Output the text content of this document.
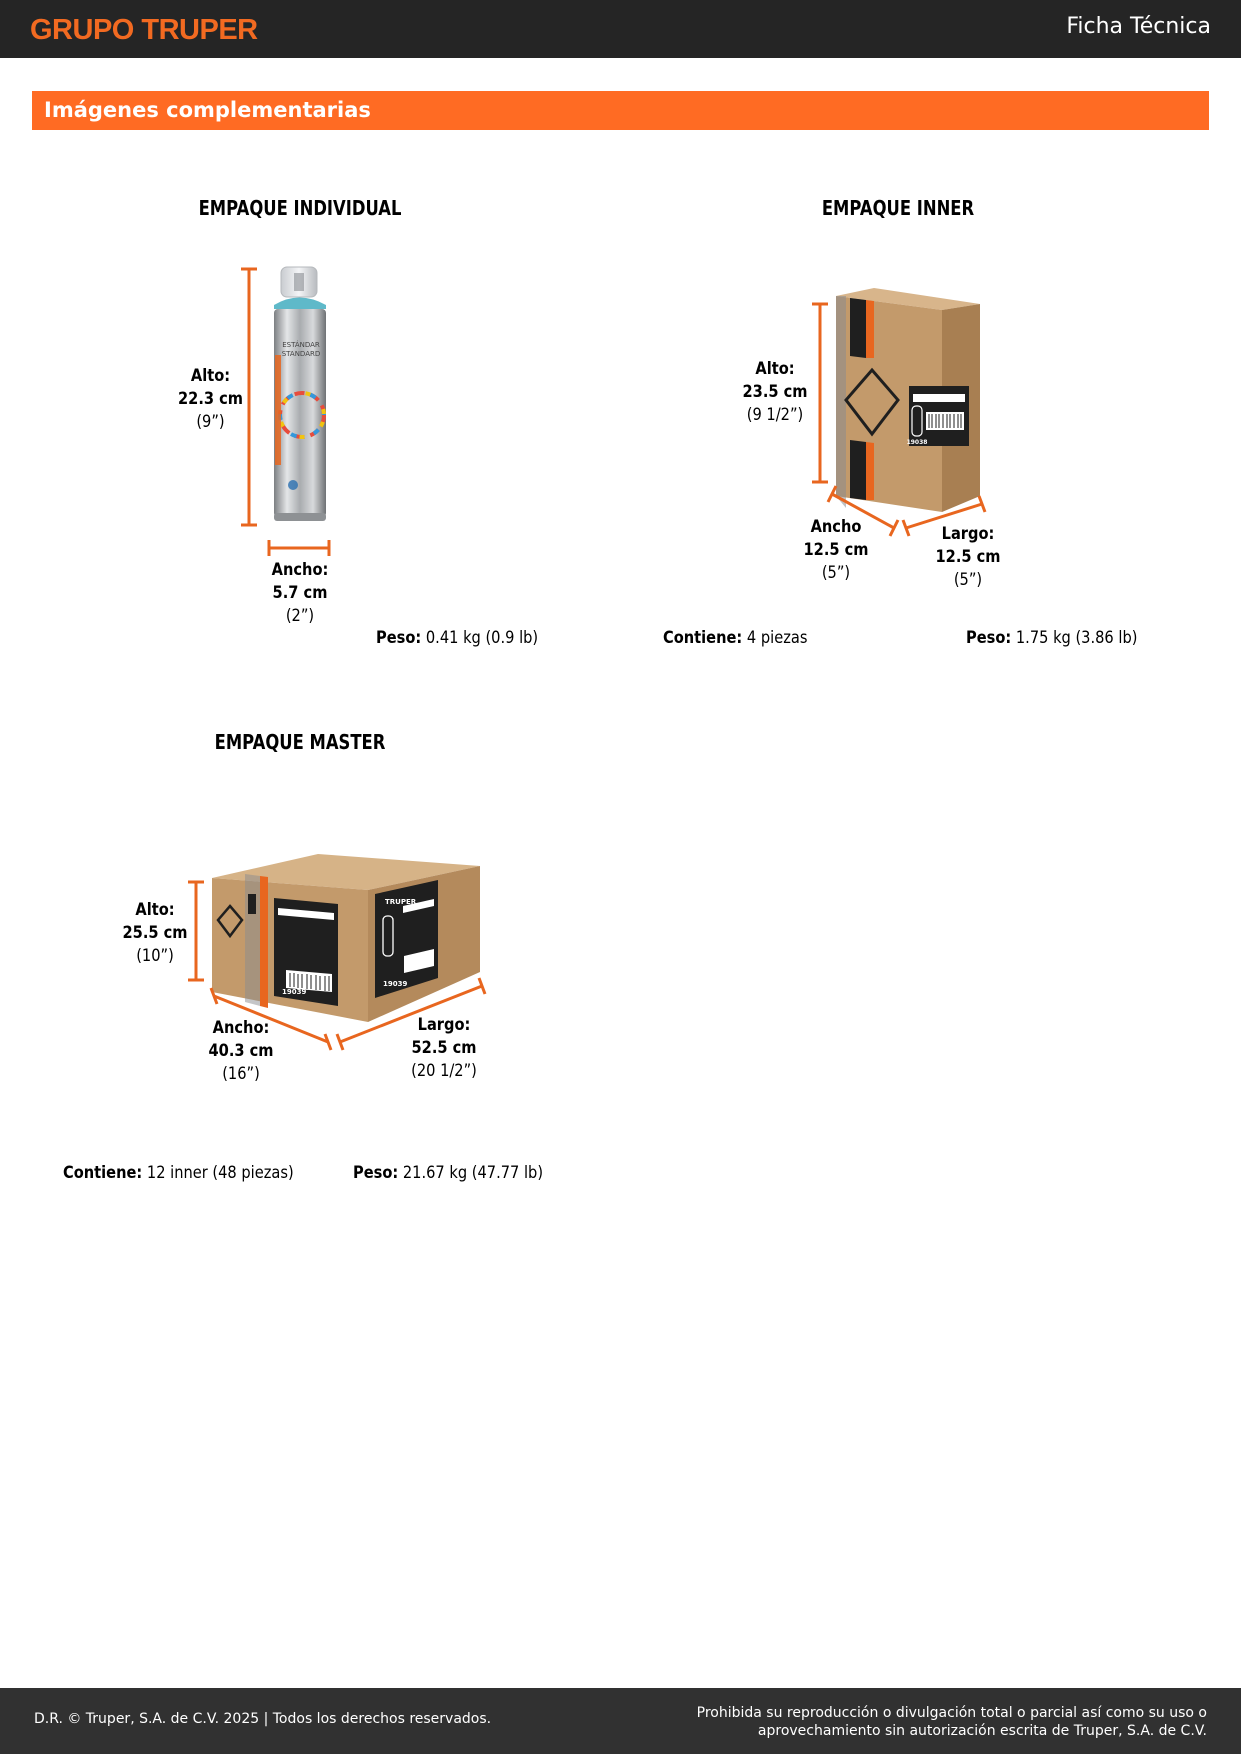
GRUPO TRUPER	Ficha Técnica
Imágenes complementarias
EMPAQUE INDIVIDUAL
ESTÁNDAR
STANDARD
Alto:
22.3 cm
(9”)
Ancho:
5.7 cm
(2”)
Peso: 0.41 kg (0.9 lb)
EMPAQUE INNER
19038
Alto:
23.5 cm
(9 1/2”)
Ancho
12.5 cm
(5”)
Largo:
12.5 cm
(5”)
Contiene: 4 piezas	Peso: 1.75 kg (3.86 lb)
EMPAQUE MASTER
19039
TRUPER
19039
Alto:
25.5 cm
(10”)
Ancho:
40.3 cm
(16”)
Largo:
52.5 cm
(20 1/2”)
Contiene: 12 inner (48 piezas)	Peso: 21.67 kg (47.77 lb)
D.R. © Truper, S.A. de C.V. 2025 | Todos los derechos reservados.	Prohibida su reproducción o divulgación total o parcial así como su uso o aprovechamiento sin autorización escrita de Truper, S.A. de C.V.
